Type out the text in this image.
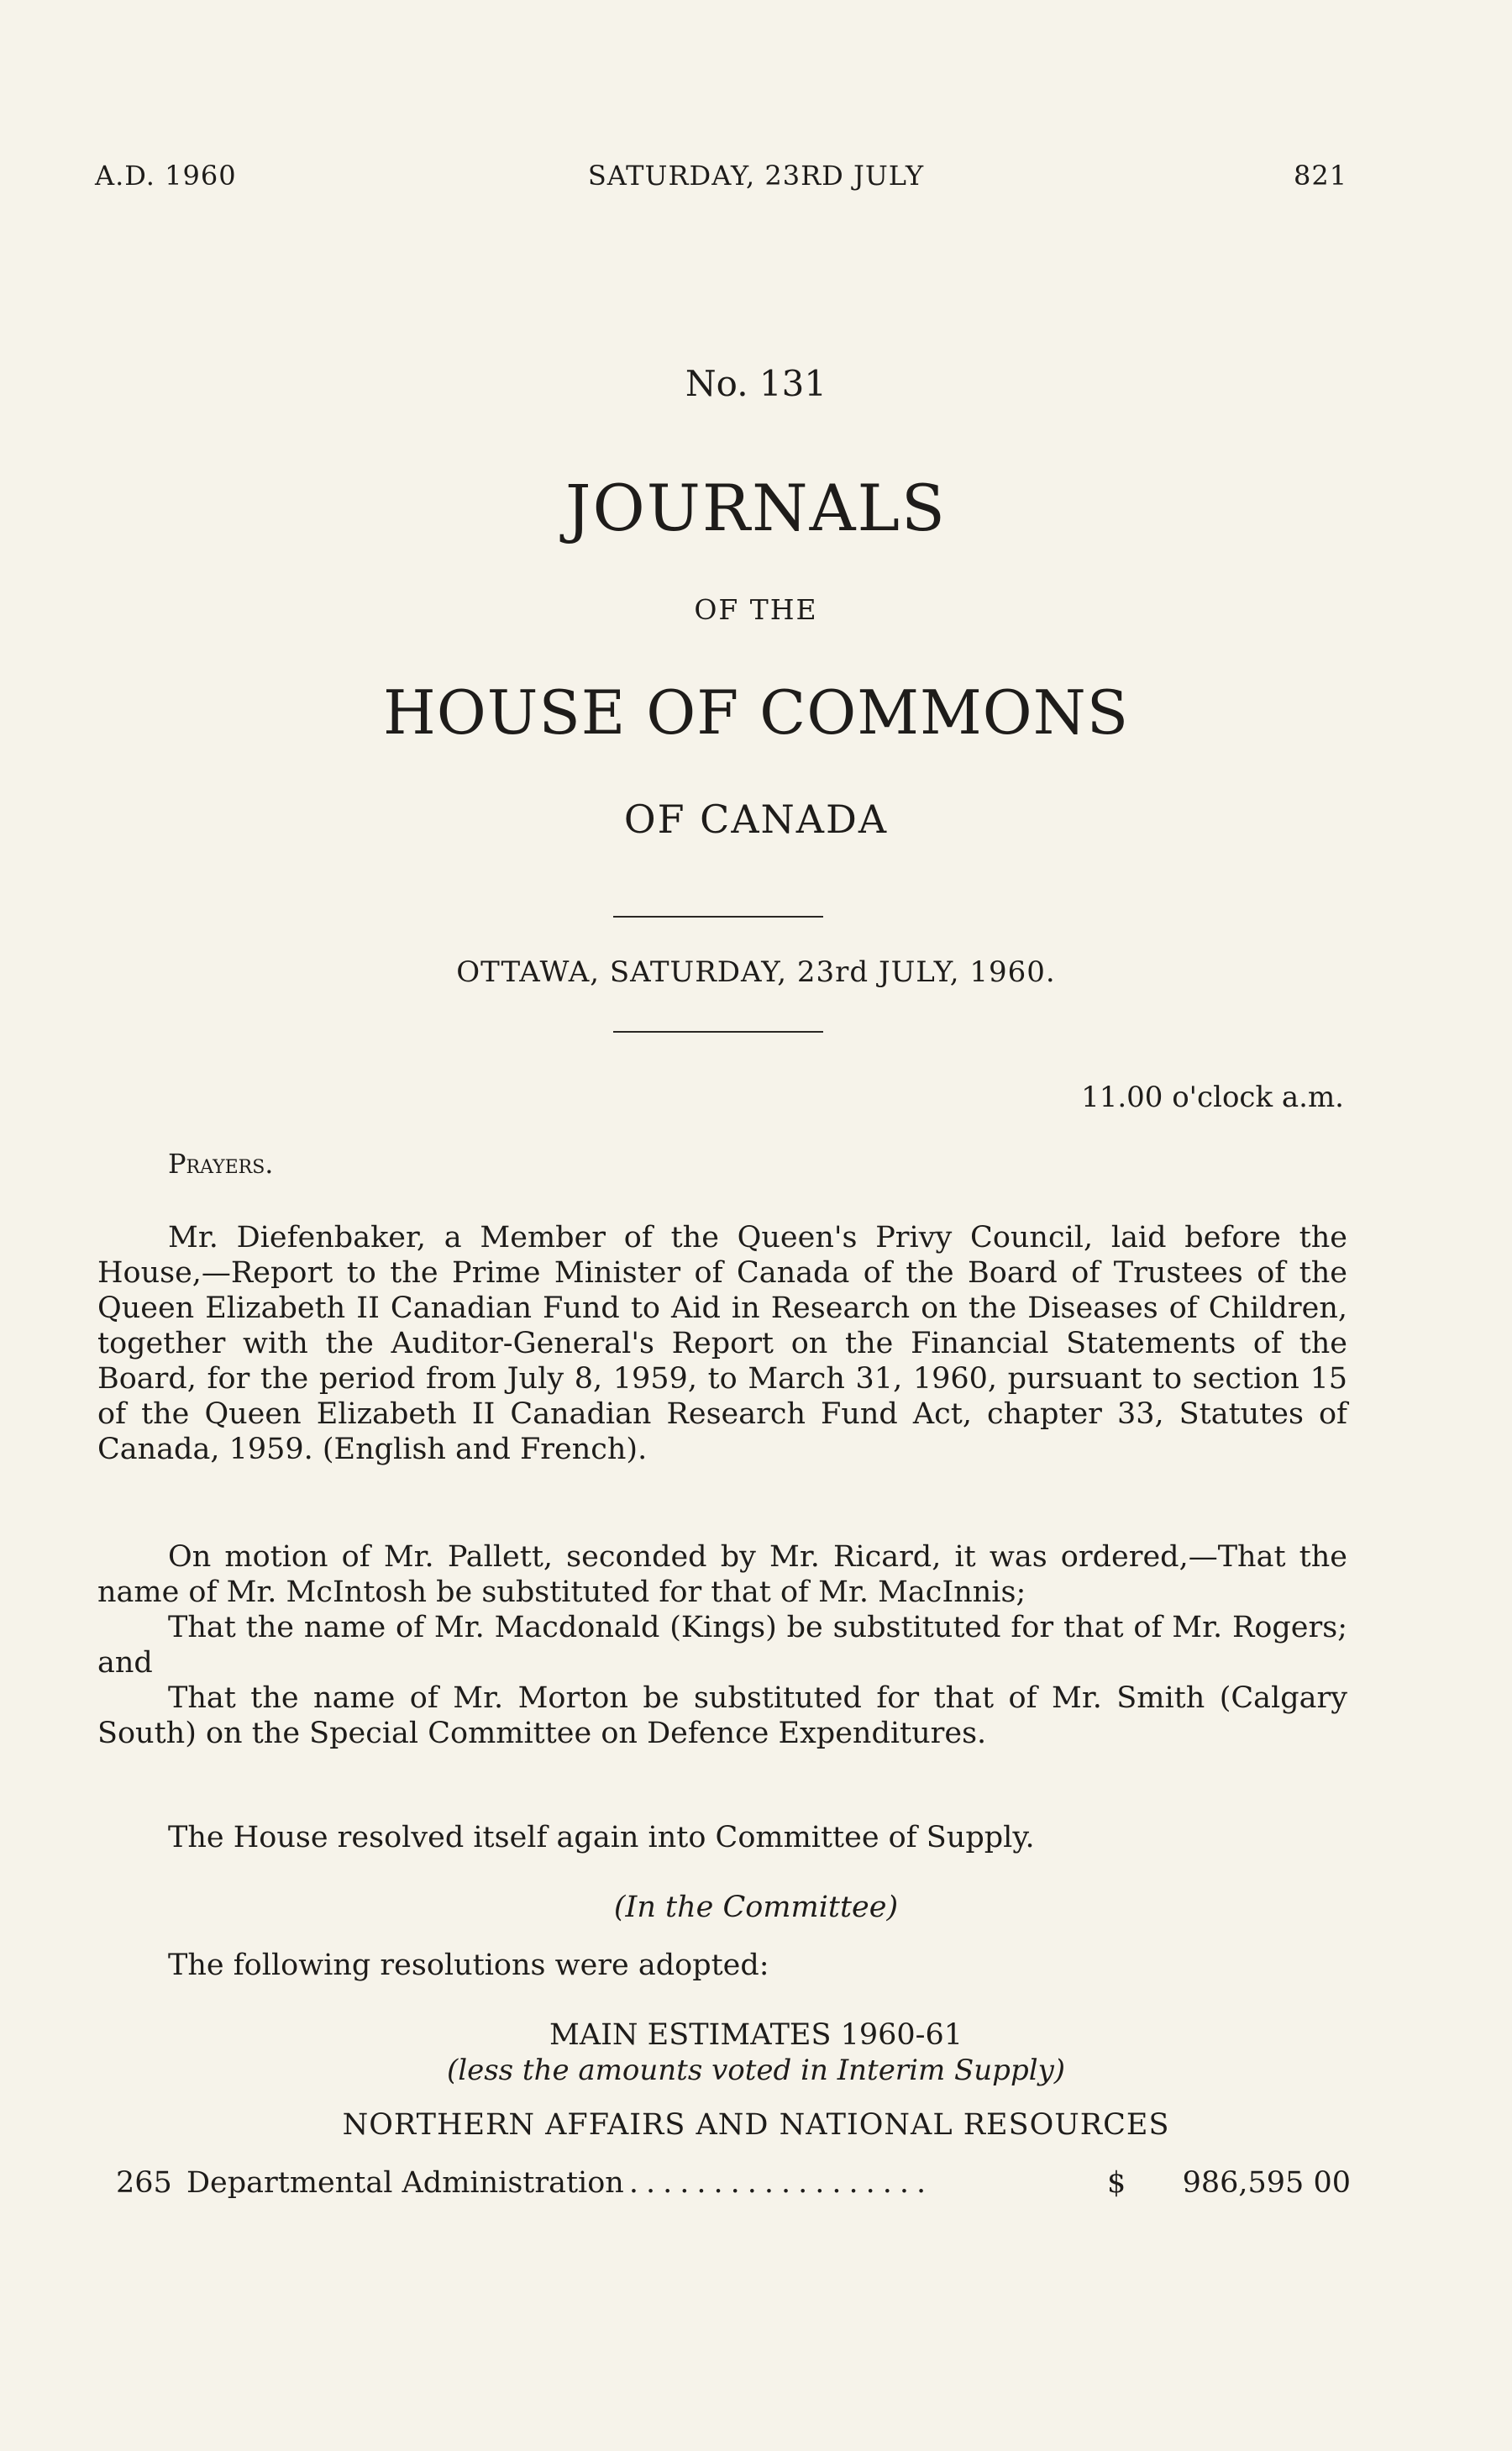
A.D. 1960	SATURDAY, 23RD JULY	821
No. 131
JOURNALS
OF THE
HOUSE OF COMMONS
OF CANADA
OTTAWA, SATURDAY, 23rd JULY, 1960.
11.00 o'clock a.m.
Prayers.

Mr. Diefenbaker, a Member of the Queen's Privy Council, laid before the House,—Report to the Prime Minister of Canada of the Board of Trustees of the Queen Elizabeth II Canadian Fund to Aid in Research on the Diseases of Children, together with the Auditor-General's Report on the Financial Statements of the Board, for the period from July 8, 1959, to March 31, 1960, pursuant to section 15 of the Queen Elizabeth II Canadian Research Fund Act, chapter 33, Statutes of Canada, 1959. (English and French).

On motion of Mr. Pallett, seconded by Mr. Ricard, it was ordered,—That the name of Mr. McIntosh be substituted for that of Mr. MacInnis;

That the name of Mr. Macdonald (Kings) be substituted for that of Mr. Rogers; and

That the name of Mr. Morton be substituted for that of Mr. Smith (Calgary South) on the Special Committee on Defence Expenditures.

The House resolved itself again into Committee of Supply.
(In the Committee)
The following resolutions were adopted:
MAIN ESTIMATES 1960-61
(less the amounts voted in Interim Supply)
NORTHERN AFFAIRS AND NATIONAL RESOURCES
265 Departmental Administration ..................	$	986,595 00
